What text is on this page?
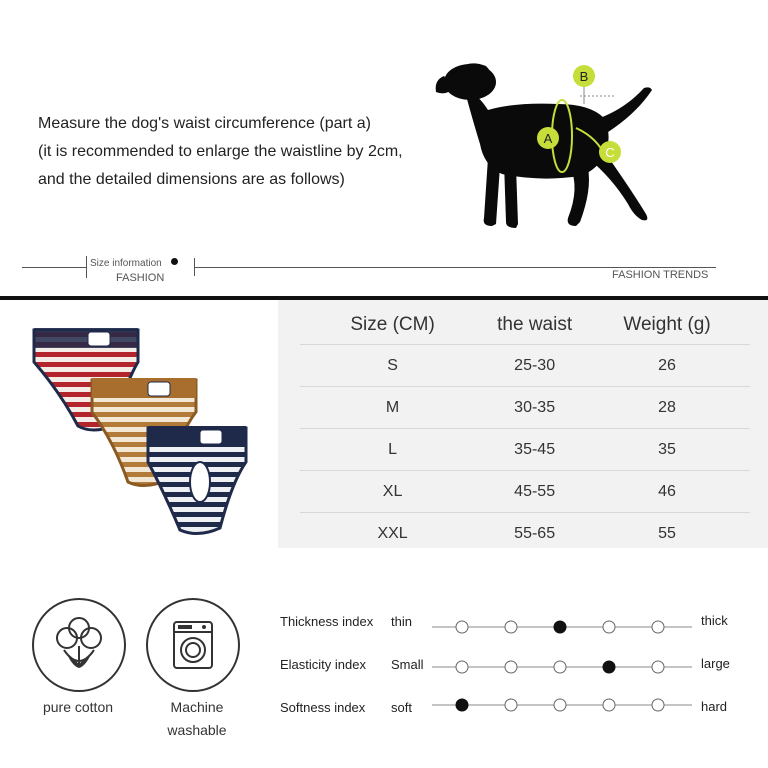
Measure the dog's waist circumference (part a)
(it is recommended to enlarge the waistline by 2cm,
and the detailed dimensions are as follows)
B
A
C
Size information
FASHION	FASHION TRENDS
Size (CM)	the waist	Weight (g)
S	25-30	26
M	30-35	28
L	35-45	35
XL	45-55	46
XXL	55-65	55
pure cotton	Machine
washable
Thickness index thin	thick
Elasticity index Small	large
Softness index soft	hard
